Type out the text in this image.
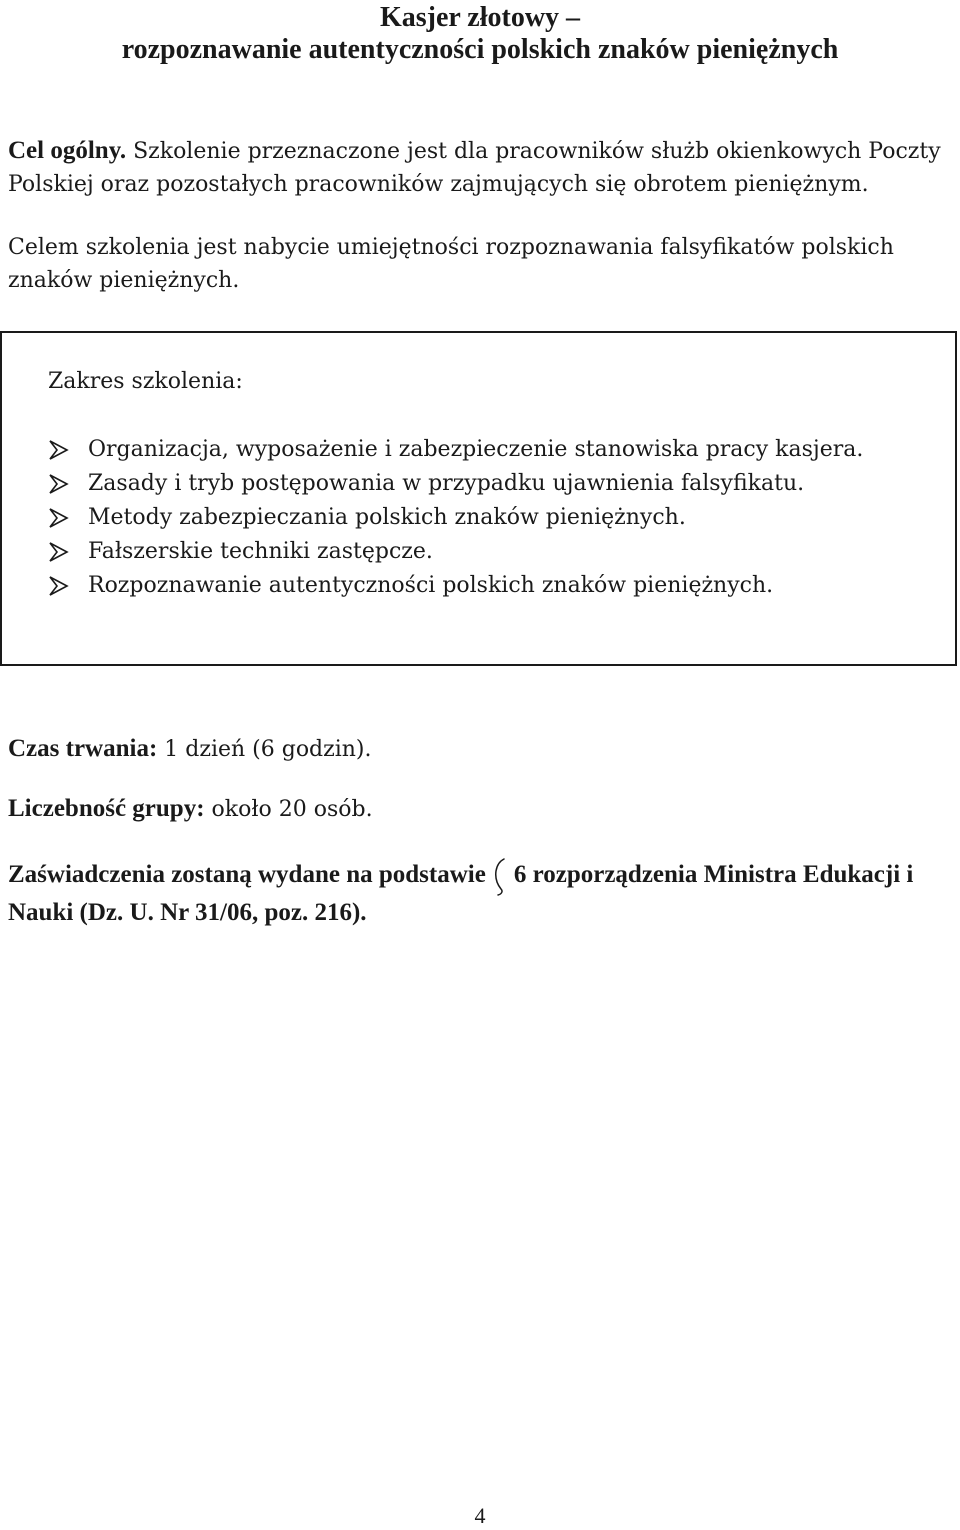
Kasjer złotowy –
rozpoznawanie autentyczności polskich znaków pieniężnych
Cel ogólny. Szkolenie przeznaczone jest dla pracowników służb okienkowych Poczty Polskiej oraz pozostałych pracowników zajmujących się obrotem pieniężnym.
Celem szkolenia jest nabycie umiejętności rozpoznawania falsyfikatów polskich znaków pieniężnych.
Zakres szkolenia:
Organizacja, wyposażenie i zabezpieczenie stanowiska pracy kasjera.
Zasady i tryb postępowania w przypadku ujawnienia falsyfikatu.
Metody zabezpieczania polskich znaków pieniężnych.
Fałszerskie techniki zastępcze.
Rozpoznawanie autentyczności polskich znaków pieniężnych.
Czas trwania: 1 dzień (6 godzin).
Liczebność grupy: około 20 osób.
Zaświadczenia zostaną wydane na podstawie 6 rozporządzenia Ministra Edukacji i Nauki (Dz. U. Nr 31/06, poz. 216).
4
